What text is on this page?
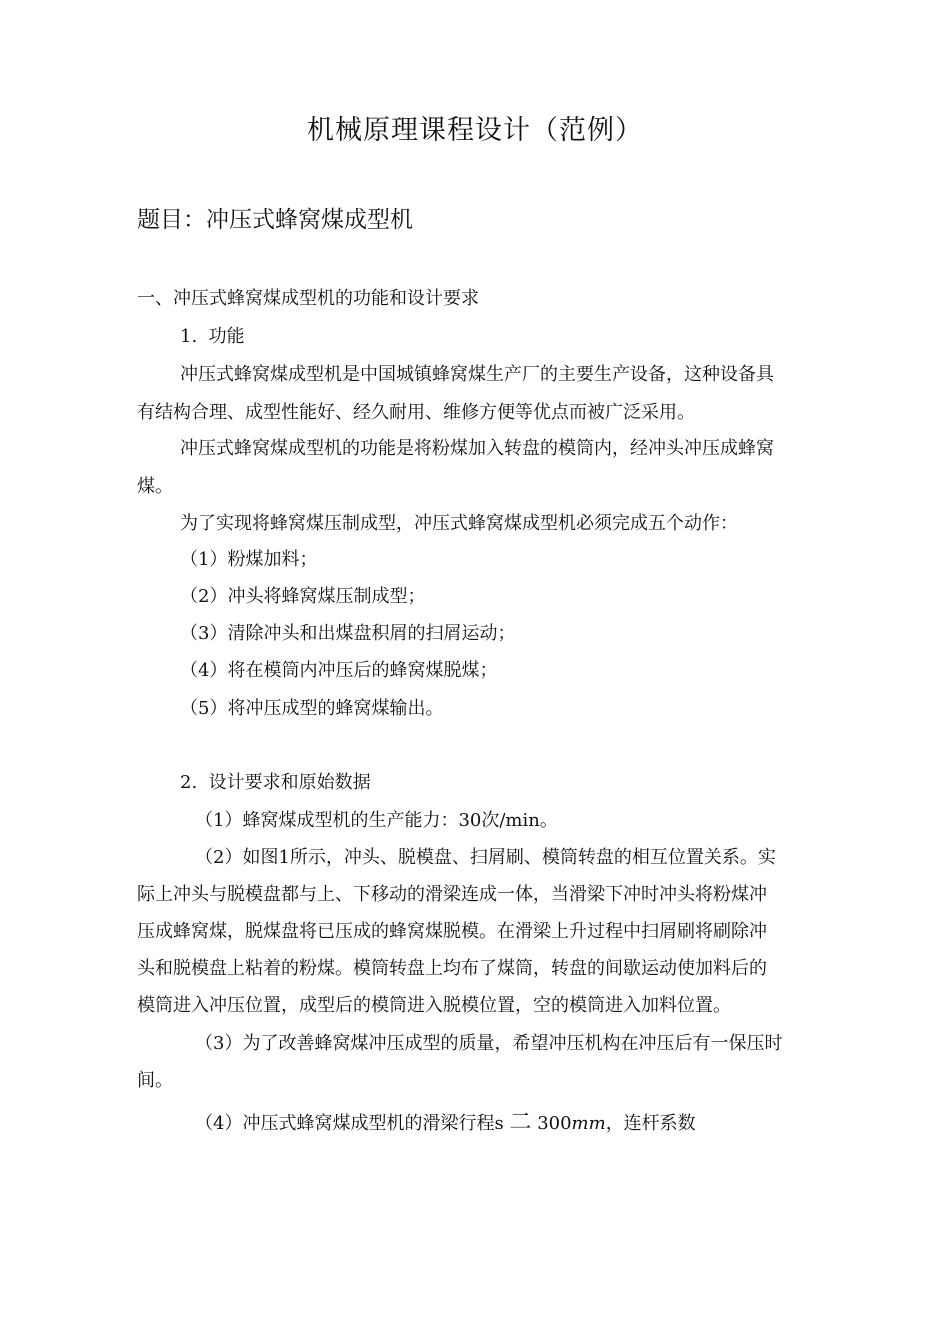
机械原理课程设计（范例）
题目：冲压式蜂窝煤成型机
一、冲压式蜂窝煤成型机的功能和设计要求
1.  功能
冲压式蜂窝煤成型机是中国城镇蜂窝煤生产厂的主要生产设备，这种设备具
有结构合理、成型性能好、经久耐用、维修方便等优点而被广泛采用。
冲压式蜂窝煤成型机的功能是将粉煤加入转盘的模筒内，经冲头冲压成蜂窝
煤。
为了实现将蜂窝煤压制成型，冲压式蜂窝煤成型机必须完成五个动作：
（1）粉煤加料；
（2）冲头将蜂窝煤压制成型；
（3）清除冲头和出煤盘积屑的扫屑运动；
（4）将在模筒内冲压后的蜂窝煤脱煤；
（5）将冲压成型的蜂窝煤输出。
2.  设计要求和原始数据
（1）蜂窝煤成型机的生产能力：30次/min。
（2）如图1所示，冲头、脱模盘、扫屑刷、模筒转盘的相互位置关系。实
际上冲头与脱模盘都与上、下移动的滑梁连成一体，当滑梁下冲时冲头将粉煤冲
压成蜂窝煤，脱煤盘将已压成的蜂窝煤脱模。在滑梁上升过程中扫屑刷将刷除冲
头和脱模盘上粘着的粉煤。模筒转盘上均布了煤筒，转盘的间歇运动使加料后的
模筒进入冲压位置，成型后的模筒进入脱模位置，空的模筒进入加料位置。
（3）为了改善蜂窝煤冲压成型的质量，希望冲压机构在冲压后有一保压时
间。
（4）冲压式蜂窝煤成型机的滑梁行程s 二 300mm，连杆系数
